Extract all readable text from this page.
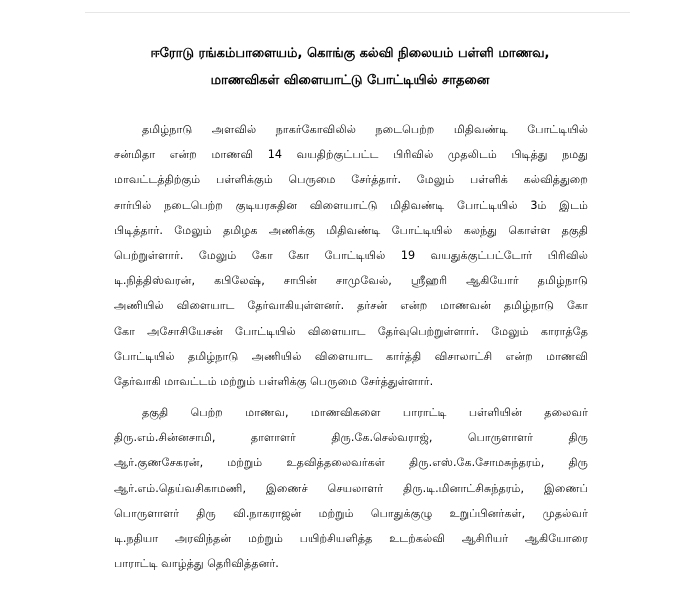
ஈரோடு ரங்கம்பாளையம், கொங்கு கல்வி நிலையம் பள்ளி மாணவ,
மாணவிகள் விளையாட்டு போட்டியில் சாதனை
தமிழ்நாடு அளவில் நாகர்கோவிலில் நடைபெற்ற மிதிவண்டி போட்டியில்
சன்மிதா என்ற மாணவி 14 வயதிற்குட்பட்ட பிரிவில் முதலிடம் பிடித்து நமது
மாவட்டத்திற்கும் பள்ளிக்கும் பெருமை சேர்த்தார். மேலும் பள்ளிக் கல்வித்துறை
சார்பில் நடைபெற்ற குடியரசுதின விளையாட்டு மிதிவண்டி போட்டியில் 3ம் இடம்
பிடித்தார். மேலும் தமிழக அணிக்கு மிதிவண்டி போட்டியில் கலந்து கொள்ள தகுதி
பெற்றுள்ளார். மேலும் கோ கோ போட்டியில் 19 வயதுக்குட்பட்டோர் பிரிவில்
டி.நித்திஸ்வரன், கபிலேஷ், சாபின் சாமுவேல், ஸ்ரீஹரி ஆகியோர் தமிழ்நாடு
அணியில் விளையாட தேர்வாகியுள்ளனர். தர்சன் என்ற மாணவன் தமிழ்நாடு கோ
கோ அசோசியேசன் போட்டியில் விளையாட தேர்வுபெற்றுள்ளார். மேலும் காராத்தே
போட்டியில் தமிழ்நாடு அணியில் விளையாட கார்த்தி விசாலாட்சி என்ற மாணவி
தேர்வாகி மாவட்டம் மற்றும் பள்ளிக்கு பெருமை சேர்த்துள்ளார்.
தகுதி பெற்ற மாணவ, மாணவிகளை பாராட்டி பள்ளியின் தலைவர்
திரு.எம்.சின்னசாமி, தாளாளர் திரு.கே.செல்வராஜ், பொருளாளர் திரு
ஆர்.குணசேகரன், மற்றும் உதவித்தலைவர்கள் திரு.எஸ்.கே.சோமசுந்தரம், திரு
ஆர்.எம்.தெய்வசிகாமணி, இணைச் செயலாளர் திரு.டி.மினாட்சிசுந்தரம், இணைப்
பொருளாளர் திரு வி.நாகராஜன் மற்றும் பொதுக்குழு உறுப்பினர்கள், முதல்வர்
டி.நதியா அரவிந்தன் மற்றும் பயிற்சியளித்த உடற்கல்வி ஆசிரியர் ஆகியோரை
பாராட்டி வாழ்த்து தெரிவித்தனர்.
